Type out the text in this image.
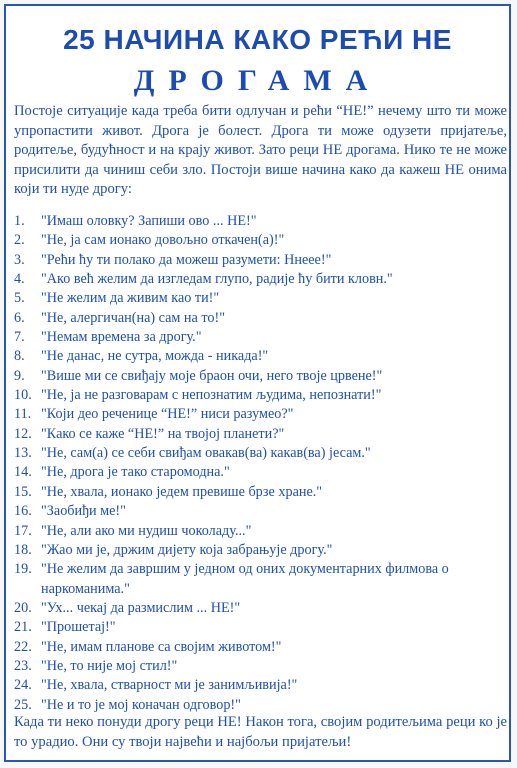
25 НАЧИНА КАКО РЕЋИ НЕ
ДРОГАМА
Постоје ситуације када треба бити одлучан и рећи “НЕ!” нечему што ти може упропастити живот. Дрога је болест. Дрога ти може одузети пријатеље, родитеље, будућност и на крају живот. Зато реци НЕ дрогама. Нико те не може присилити да чиниш себи зло. Постоји више начина како да кажеш НЕ онима који ти нуде дрогу:
1.	"Имаш оловку? Запиши ово ... НЕ!"
2.	"Не, ја сам ионако довољно откачен(а)!"
3.	"Рећи ћу ти полако да можеш разумети: Ннеее!"
4.	"Ако већ желим да изгледам глупо, радије ћу бити кловн."
5.	"Не желим да живим као ти!"
6.	"Не, алергичан(на) сам на то!"
7.	"Немам времена за дрогу."
8.	"Не данас, не сутра, можда - никада!"
9.	"Више ми се свиђају моје браон очи, него твоје црвене!"
10. "Не, ја не разговарам с непознатим људима, непознати!"
11. "Који део реченице “НЕ!” ниси разумео?"
12. "Како се каже “НЕ!” на твојој планети?"
13. "Не, сам(а) се себи свиђам овакав(ва) какав(ва) јесам."
14. "Не, дрога је тако старомодна."
15. "Не, хвала, ионако једем превише брзе хране."
16. "Заобиђи ме!"
17. "Не, али ако ми нудиш чоколаду..."
18. "Жао ми је, држим дијету која забрањује дрогу."
19. "Не желим да завршим у једном од оних документарних филмова о наркоманима."
20. "Ух... чекај да размислим ... НЕ!"
21. "Прошетај!"
22. "Не, имам планове са својим животом!"
23. "Не, то није мој стил!"
24. "Не, хвала, стварност ми је занимљивија!"
25. "Не и то је мој коначан одговор!"
Када ти неко понуди дрогу реци НЕ! Након тога, својим родитељима реци ко је то урадио. Они су твоји највећи и најбољи пријатељи!
